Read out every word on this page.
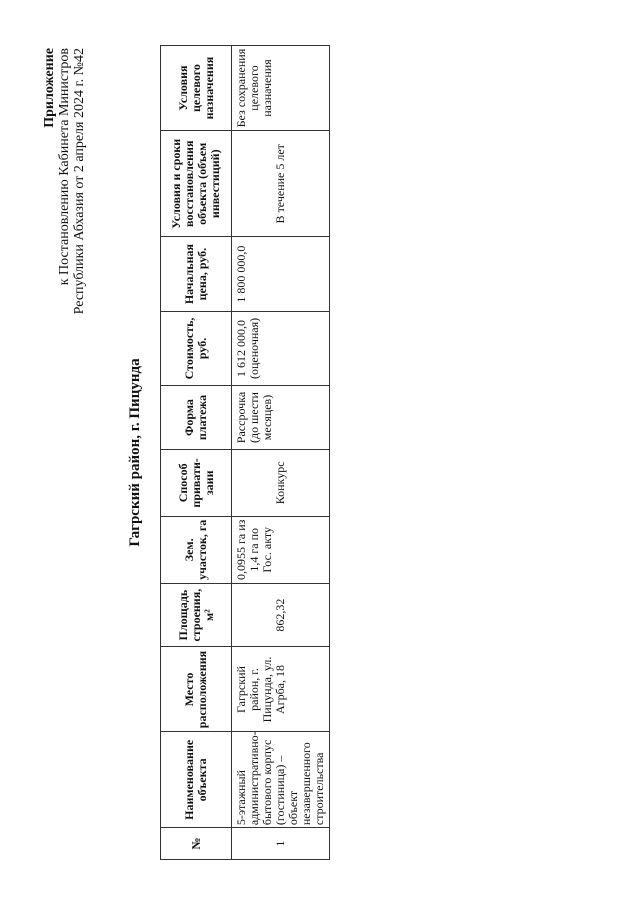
Приложение к Постановлению Кабинета Министров Республики Абхазия от 2 апреля 2024 г. №42
Гагрский район, г. Пицунда
№	Наименование объекта	Место расположения	Площадь строения, м²	Зем. участок, га	Способ привати-заии	Форма платежа	Стоимость, руб.	Начальная цена, руб.	Условия и сроки восстановления объекта (объем инвестиций)	Условия целевого назначения
1	5-этажный административно-бытового корпус (гостиница) – объект незавершенного строительства	Гагрский район, г. Пицунда, ул. Агрба, 18	862,32	0,0955 га из 1,4 га по Гос. акту	Конкурс	Рассрочка (до шести месяцев)	1 612 000,0 (оценочная)	1 800 000,0	В течение 5 лет	Без сохранения целевого назначения
